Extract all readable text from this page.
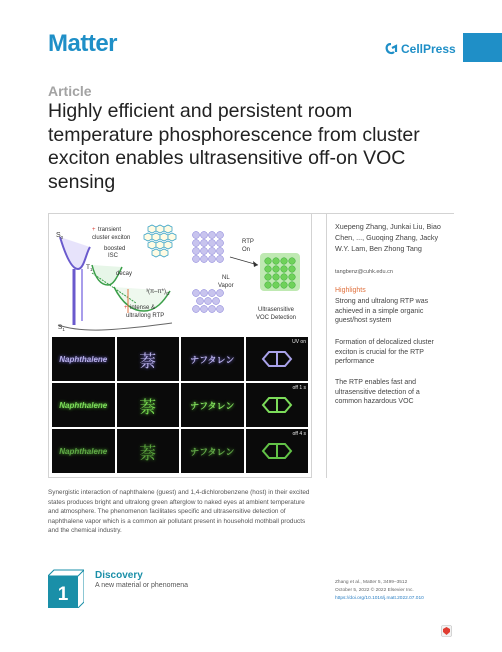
Matter	CellPress
Article
Highly efficient and persistent room temperature phosphorescence from cluster exciton enables ultrasensitive off-on VOC sensing
$S_0$
$T_1$
$S_1$
+ transient
cluster exciton
boosted
ISC
decay
$^3(\pi-\pi*)_G$
+ intense &
ultra/long RTP
NL
Vapor
RTP
On
Ultrasensitive
VOC Detection
Naphthalene 萘	ナフタレン
UV on
Naphthalene 萘	ナフタレン
off 1 s
Naphthalene 萘	ナフタレン
off 4 s
Xuepeng Zhang, Junkai Liu, Biao Chen, ..., Guoqing Zhang, Jacky W.Y. Lam, Ben Zhong Tang
tangbenz@cuhk.edu.cn
Highlights
Strong and ultralong RTP was achieved in a simple organic guest/host system
Formation of delocalized cluster exciton is crucial for the RTP performance
The RTP enables fast and ultrasensitive detection of a common hazardous VOC
Synergistic interaction of naphthalene (guest) and 1,4-dichlorobenzene (host) in their excited states produces bright and ultralong green afterglow to naked eyes at ambient temperature and atmosphere. The phenomenon facilitates specific and ultrasensitive detection of naphthalene vapor which is a common air pollutant present in household mothball products and the chemical industry.
1
Discovery
A new material or phenomena	Zhang et al., Matter 5, 3499–3512
October 5, 2022 © 2022 Elsevier Inc.
https://doi.org/10.1016/j.matt.2022.07.010
